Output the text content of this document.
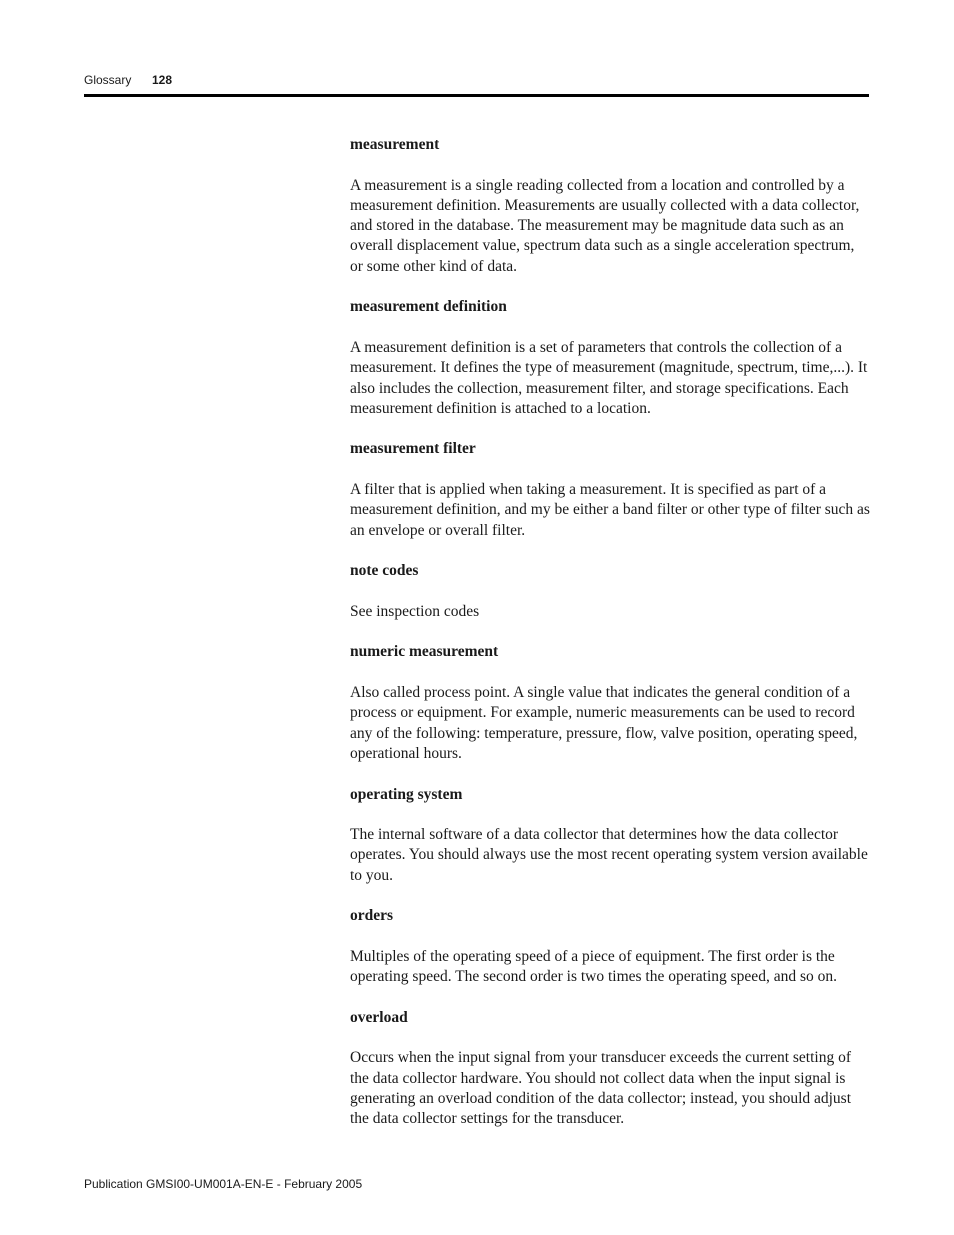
Glossary 128

measurement

A measurement is a single reading collected from a location and controlled by a measurement definition. Measurements are usually collected with a data collector, and stored in the database. The measurement may be magnitude data such as an overall displacement value, spectrum data such as a single acceleration spectrum, or some other kind of data.

measurement definition

A measurement definition is a set of parameters that controls the collection of a measurement. It defines the type of measurement (magnitude, spectrum, time,...). It also includes the collection, measurement filter, and storage specifications. Each measurement definition is attached to a location.

measurement filter

A filter that is applied when taking a measurement. It is specified as part of a measurement definition, and my be either a band filter or other type of filter such as an envelope or overall filter.

note codes

See inspection codes

numeric measurement

Also called process point. A single value that indicates the general condition of a process or equipment. For example, numeric measurements can be used to record any of the following: temperature, pressure, flow, valve position, operating speed, operational hours.

operating system

The internal software of a data collector that determines how the data collector operates. You should always use the most recent operating system version available to you.

orders

Multiples of the operating speed of a piece of equipment. The first order is the operating speed. The second order is two times the operating speed, and so on.

overload

Occurs when the input signal from your transducer exceeds the current setting of the data collector hardware. You should not collect data when the input signal is generating an overload condition of the data collector; instead, you should adjust the data collector settings for the transducer.

Publication GMSI00-UM001A-EN-E - February 2005
